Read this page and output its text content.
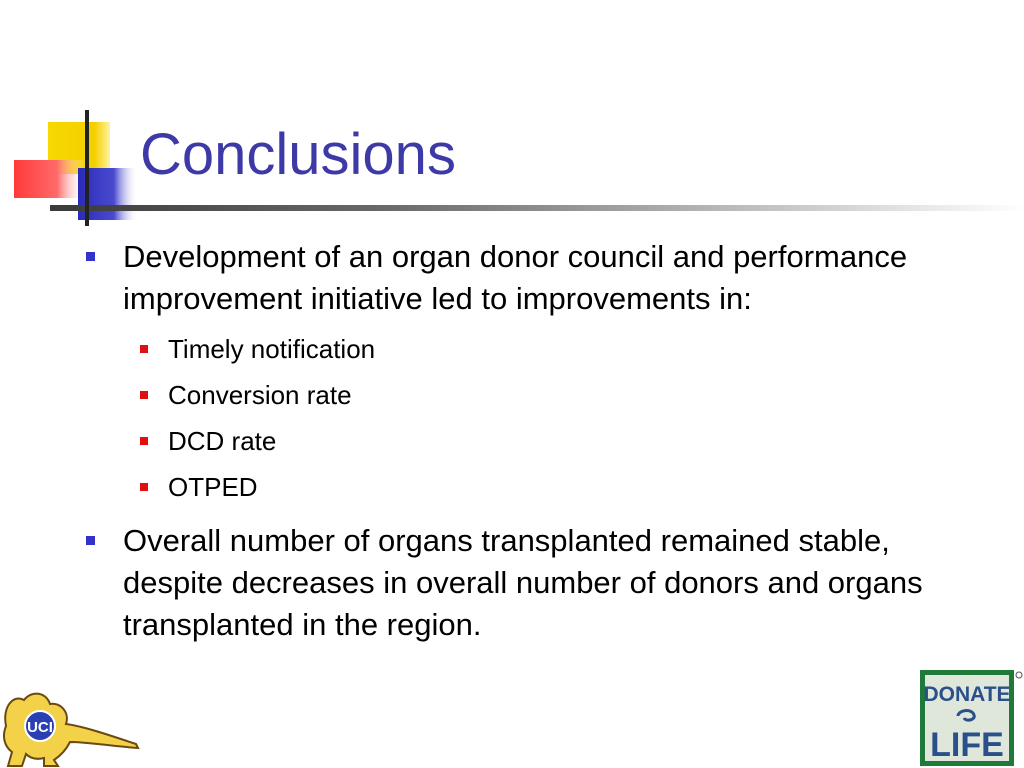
Conclusions
Development of an organ donor council and performance improvement initiative led to improvements in:
Timely notification
Conversion rate
DCD rate
OTPED
Overall number of organs transplanted remained stable, despite decreases in overall number of donors and organs transplanted in the region.
UCI
DONATE
LIFE
